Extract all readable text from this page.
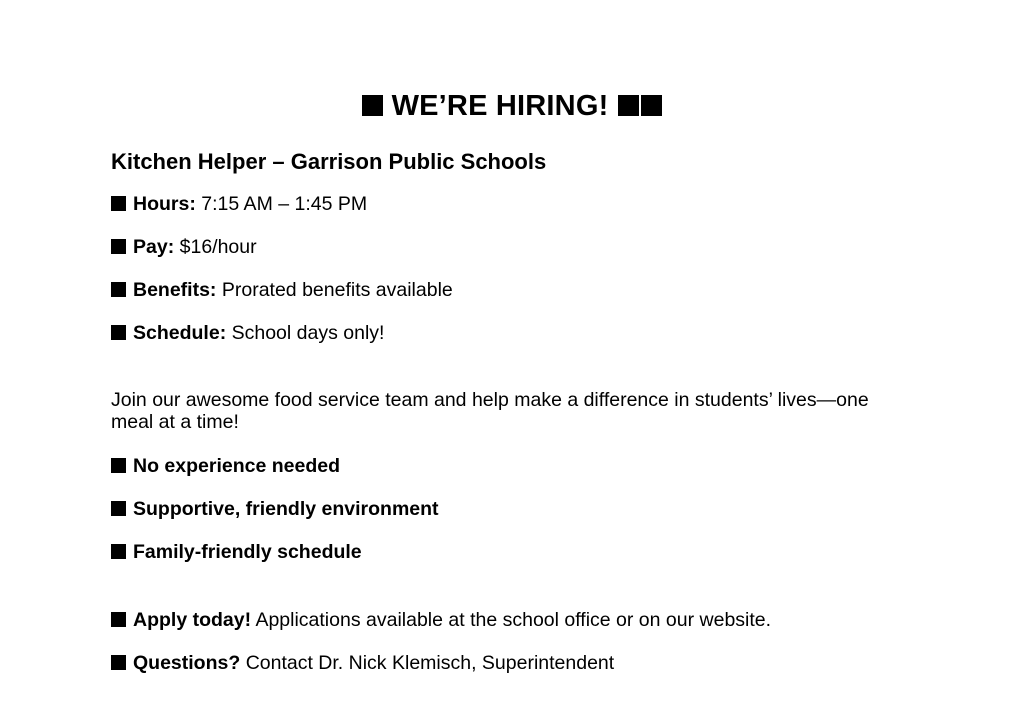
WE’RE HIRING!
Kitchen Helper – Garrison Public Schools
Hours: 7:15 AM – 1:45 PM
Pay: $16/hour
Benefits: Prorated benefits available
Schedule: School days only!
Join our awesome food service team and help make a difference in students’ lives—one meal at a time!
No experience needed
Supportive, friendly environment
Family-friendly schedule
Apply today! Applications available at the school office or on our website.
Questions? Contact Dr. Nick Klemisch, Superintendent
